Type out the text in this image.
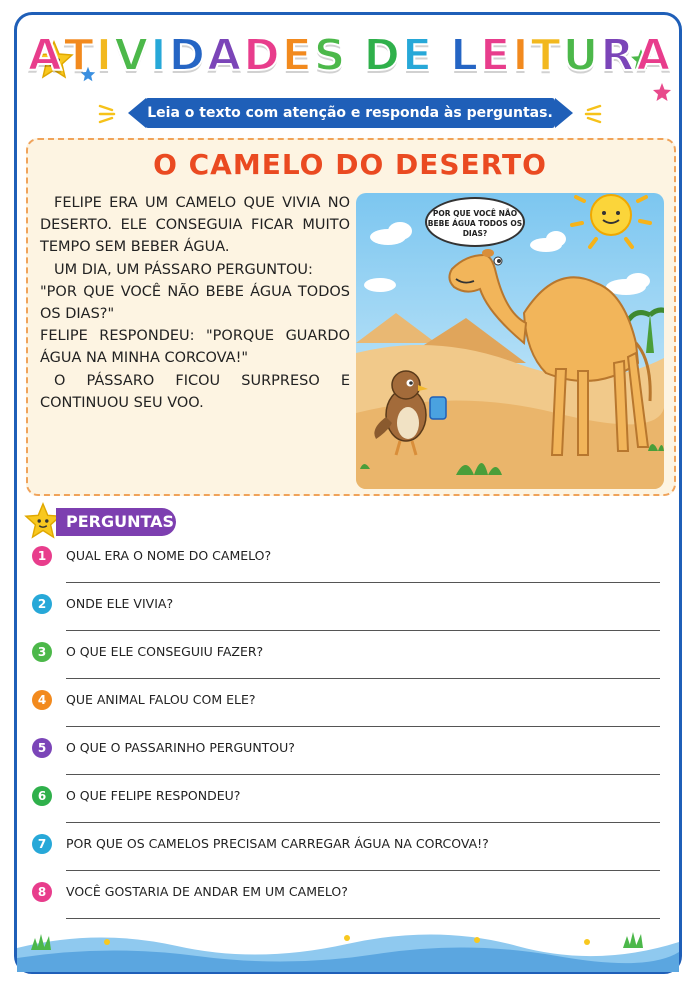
ATIVIDADES DE LEITURA
Leia o texto com atenção e responda às perguntas.
O CAMELO DO DESERTO

FELIPE ERA UM CAMELO QUE VIVIA NO DESERTO. ELE CONSEGUIA FICAR MUITO TEMPO SEM BEBER ÁGUA.

UM DIA, UM PÁSSARO PERGUNTOU:

"POR QUE VOCÊ NÃO BEBE ÁGUA TODOS OS DIAS?"

FELIPE RESPONDEU: "PORQUE GUARDO ÁGUA NA MINHA CORCOVA!"

O PÁSSARO FICOU SURPRESO E CONTINUOU SEU VOO.

POR QUE VOCÊ NÃO BEBE ÁGUA TODOS OS DIAS?
PERGUNTAS:
1	QUAL ERA O NOME DO CAMELO?
2	ONDE ELE VIVIA?
3	O QUE ELE CONSEGUIU FAZER?
4	QUE ANIMAL FALOU COM ELE?
5	O QUE O PASSARINHO PERGUNTOU?
6	O QUE FELIPE RESPONDEU?
7	POR QUE OS CAMELOS PRECISAM CARREGAR ÁGUA NA CORCOVA!?
8	VOCÊ GOSTARIA DE ANDAR EM UM CAMELO?
